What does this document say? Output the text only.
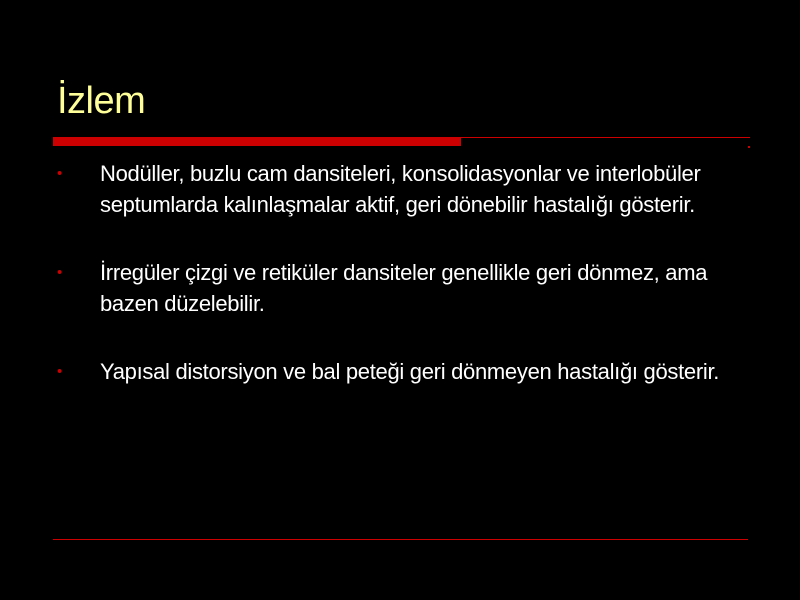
İzlem
• Nodüller, buzlu cam dansiteleri, konsolidasyonlar ve interlobüler septumlarda kalınlaşmalar aktif, geri dönebilir hastalığı gösterir.
• İrregüler çizgi ve retiküler dansiteler genellikle geri dönmez, ama bazen düzelebilir.
• Yapısal distorsiyon ve bal peteği geri dönmeyen hastalığı gösterir.
